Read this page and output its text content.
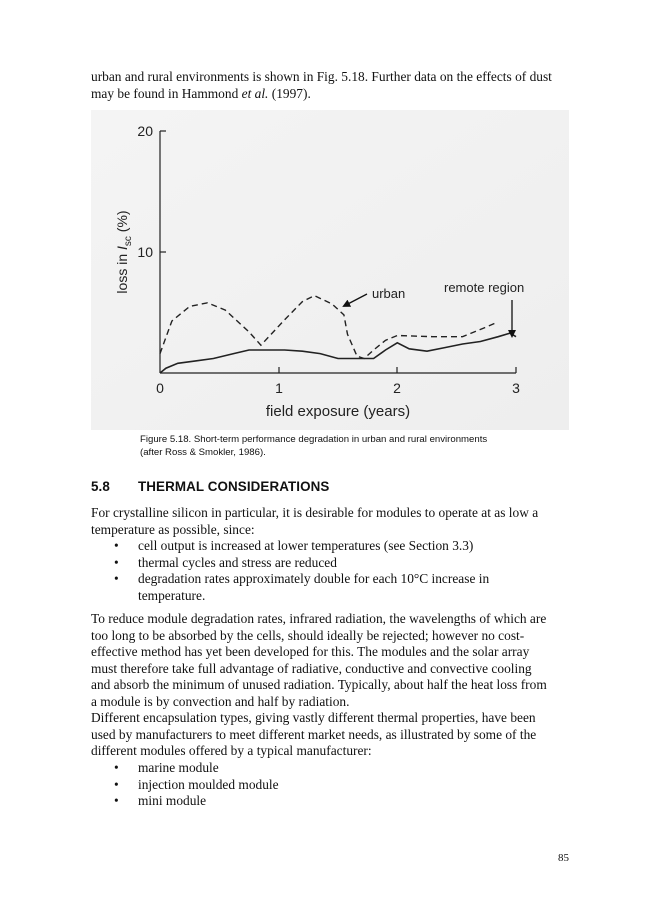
urban and rural environments is shown in Fig. 5.18. Further data on the effects of dust
may be found in Hammond et al. (1997).

20
10
0	1	2	3
field exposure (years)
loss in $I_{sc}$ (%)
urban	remote region

Figure 5.18. Short-term performance degradation in urban and rural environments
(after Ross & Smokler, 1986).

5.8 THERMAL CONSIDERATIONS

For crystalline silicon in particular, it is desirable for modules to operate at as low a
temperature as possible, since:

• cell output is increased at lower temperatures (see Section 3.3)
• thermal cycles and stress are reduced
• degradation rates approximately double for each 10°C increase in
temperature.

To reduce module degradation rates, infrared radiation, the wavelengths of which are
too long to be absorbed by the cells, should ideally be rejected; however no cost-
effective method has yet been developed for this. The modules and the solar array
must therefore take full advantage of radiative, conductive and convective cooling
and absorb the minimum of unused radiation. Typically, about half the heat loss from
a module is by convection and half by radiation.

Different encapsulation types, giving vastly different thermal properties, have been
used by manufacturers to meet different market needs, as illustrated by some of the
different modules offered by a typical manufacturer:

• marine module
• injection moulded module
• mini module
85
